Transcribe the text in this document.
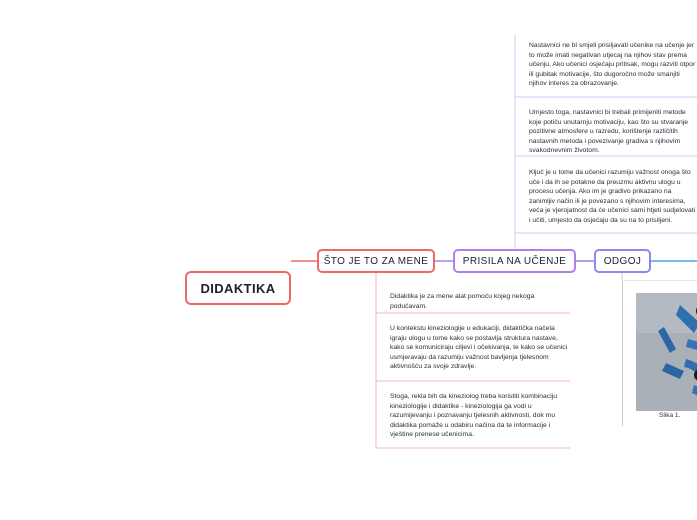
DIDAKTIKA
ŠTO JE TO ZA MENE	PRISILA NA UČENJE	ODGOJ
Didaktika je za mene alat pomoću kojeg nekoga podučavam.
U kontekstu kineziologije u edukaciji, didaktička načela igraju ulogu u tome kako se postavlja struktura nastave, kako se komuniciraju ciljevi i očekivanja, te kako se učenici usmjeravaju da razumiju važnost bavljenja tjelesnom aktivnošću za svoje zdravlje.
Stoga, rekla bih da kineziolog treba koristiti kombinaciju kineziologije i didaktike - kineziologija ga vodi u razumijevanju i poznavanju tjelesnih aktivnosti, dok mu didaktika pomaže u odabiru načina da te informacije i vještine prenese učenicima.
Nastavnici ne bi smjeli prisiljavati učenike na učenje jer to može imati negativan utjecaj na njihov stav prema učenju. Ako učenici osjećaju pritisak, mogu razviti otpor ili gubitak motivacije, što dugoročno može smanjiti njihov interes za obrazovanje.
Umjesto toga, nastavnici bi trebali primijeniti metode koje potiču unutarnju motivaciju, kao što su stvaranje pozitivne atmosfere u razredu, korištenje različitih nastavnih metoda i povezivanje gradiva s njihovim svakodnevnim životom.
Ključ je u tome da učenici razumiju važnost onoga što uče i da ih se potakne da preuzmu aktivnu ulogu u procesu učenja. Ako im je gradivo prikazano na zanimljiv način ili je povezano s njihovim interesima, veća je vjerojatnost da će učenici sami htjeti sudjelovati i učiti, umjesto da osjećaju da su na to prisiljeni.
Slika 1.
